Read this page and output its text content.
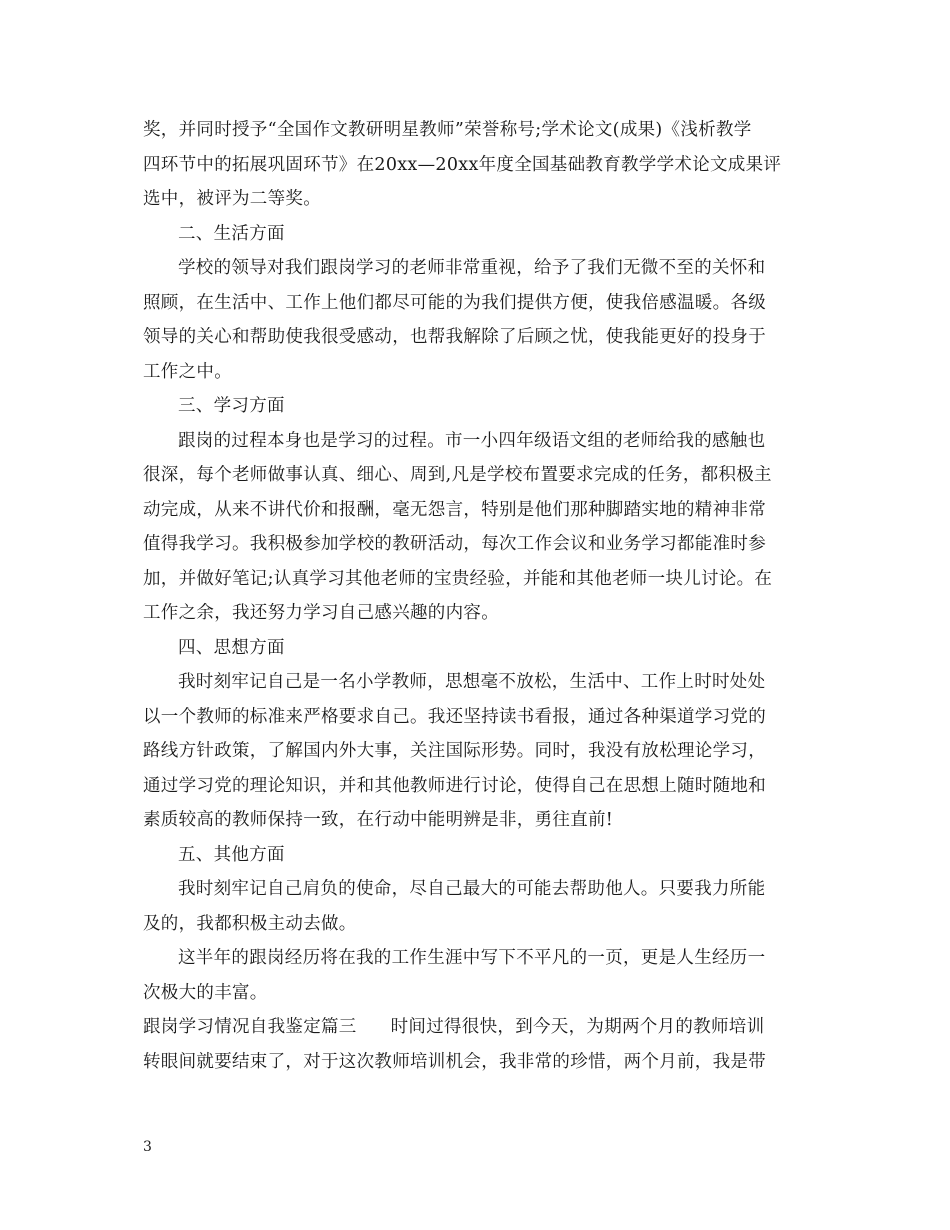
奖，并同时授予“全国作文教研明星教师”荣誉称号;学术论文(成果)《浅析教学
四环节中的拓展巩固环节》在20xx—20xx年度全国基础教育教学学术论文成果评
选中，被评为二等奖。
二、生活方面
学校的领导对我们跟岗学习的老师非常重视，给予了我们无微不至的关怀和
照顾，在生活中、工作上他们都尽可能的为我们提供方便，使我倍感温暖。各级
领导的关心和帮助使我很受感动，也帮我解除了后顾之忧，使我能更好的投身于
工作之中。
三、学习方面
跟岗的过程本身也是学习的过程。市一小四年级语文组的老师给我的感触也
很深，每个老师做事认真、细心、周到,凡是学校布置要求完成的任务，都积极主
动完成，从来不讲代价和报酬，毫无怨言，特别是他们那种脚踏实地的精神非常
值得我学习。我积极参加学校的教研活动，每次工作会议和业务学习都能准时参
加，并做好笔记;认真学习其他老师的宝贵经验，并能和其他老师一块儿讨论。在
工作之余，我还努力学习自己感兴趣的内容。
四、思想方面
我时刻牢记自己是一名小学教师，思想毫不放松，生活中、工作上时时处处
以一个教师的标准来严格要求自己。我还坚持读书看报，通过各种渠道学习党的
路线方针政策，了解国内外大事，关注国际形势。同时，我没有放松理论学习，
通过学习党的理论知识，并和其他教师进行讨论，使得自己在思想上随时随地和
素质较高的教师保持一致，在行动中能明辨是非，勇往直前!
五、其他方面
我时刻牢记自己肩负的使命，尽自己最大的可能去帮助他人。只要我力所能
及的，我都积极主动去做。
这半年的跟岗经历将在我的工作生涯中写下不平凡的一页，更是人生经历一
次极大的丰富。
跟岗学习情况自我鉴定篇三 时间过得很快，到今天，为期两个月的教师培训
转眼间就要结束了，对于这次教师培训机会，我非常的珍惜，两个月前，我是带
3
